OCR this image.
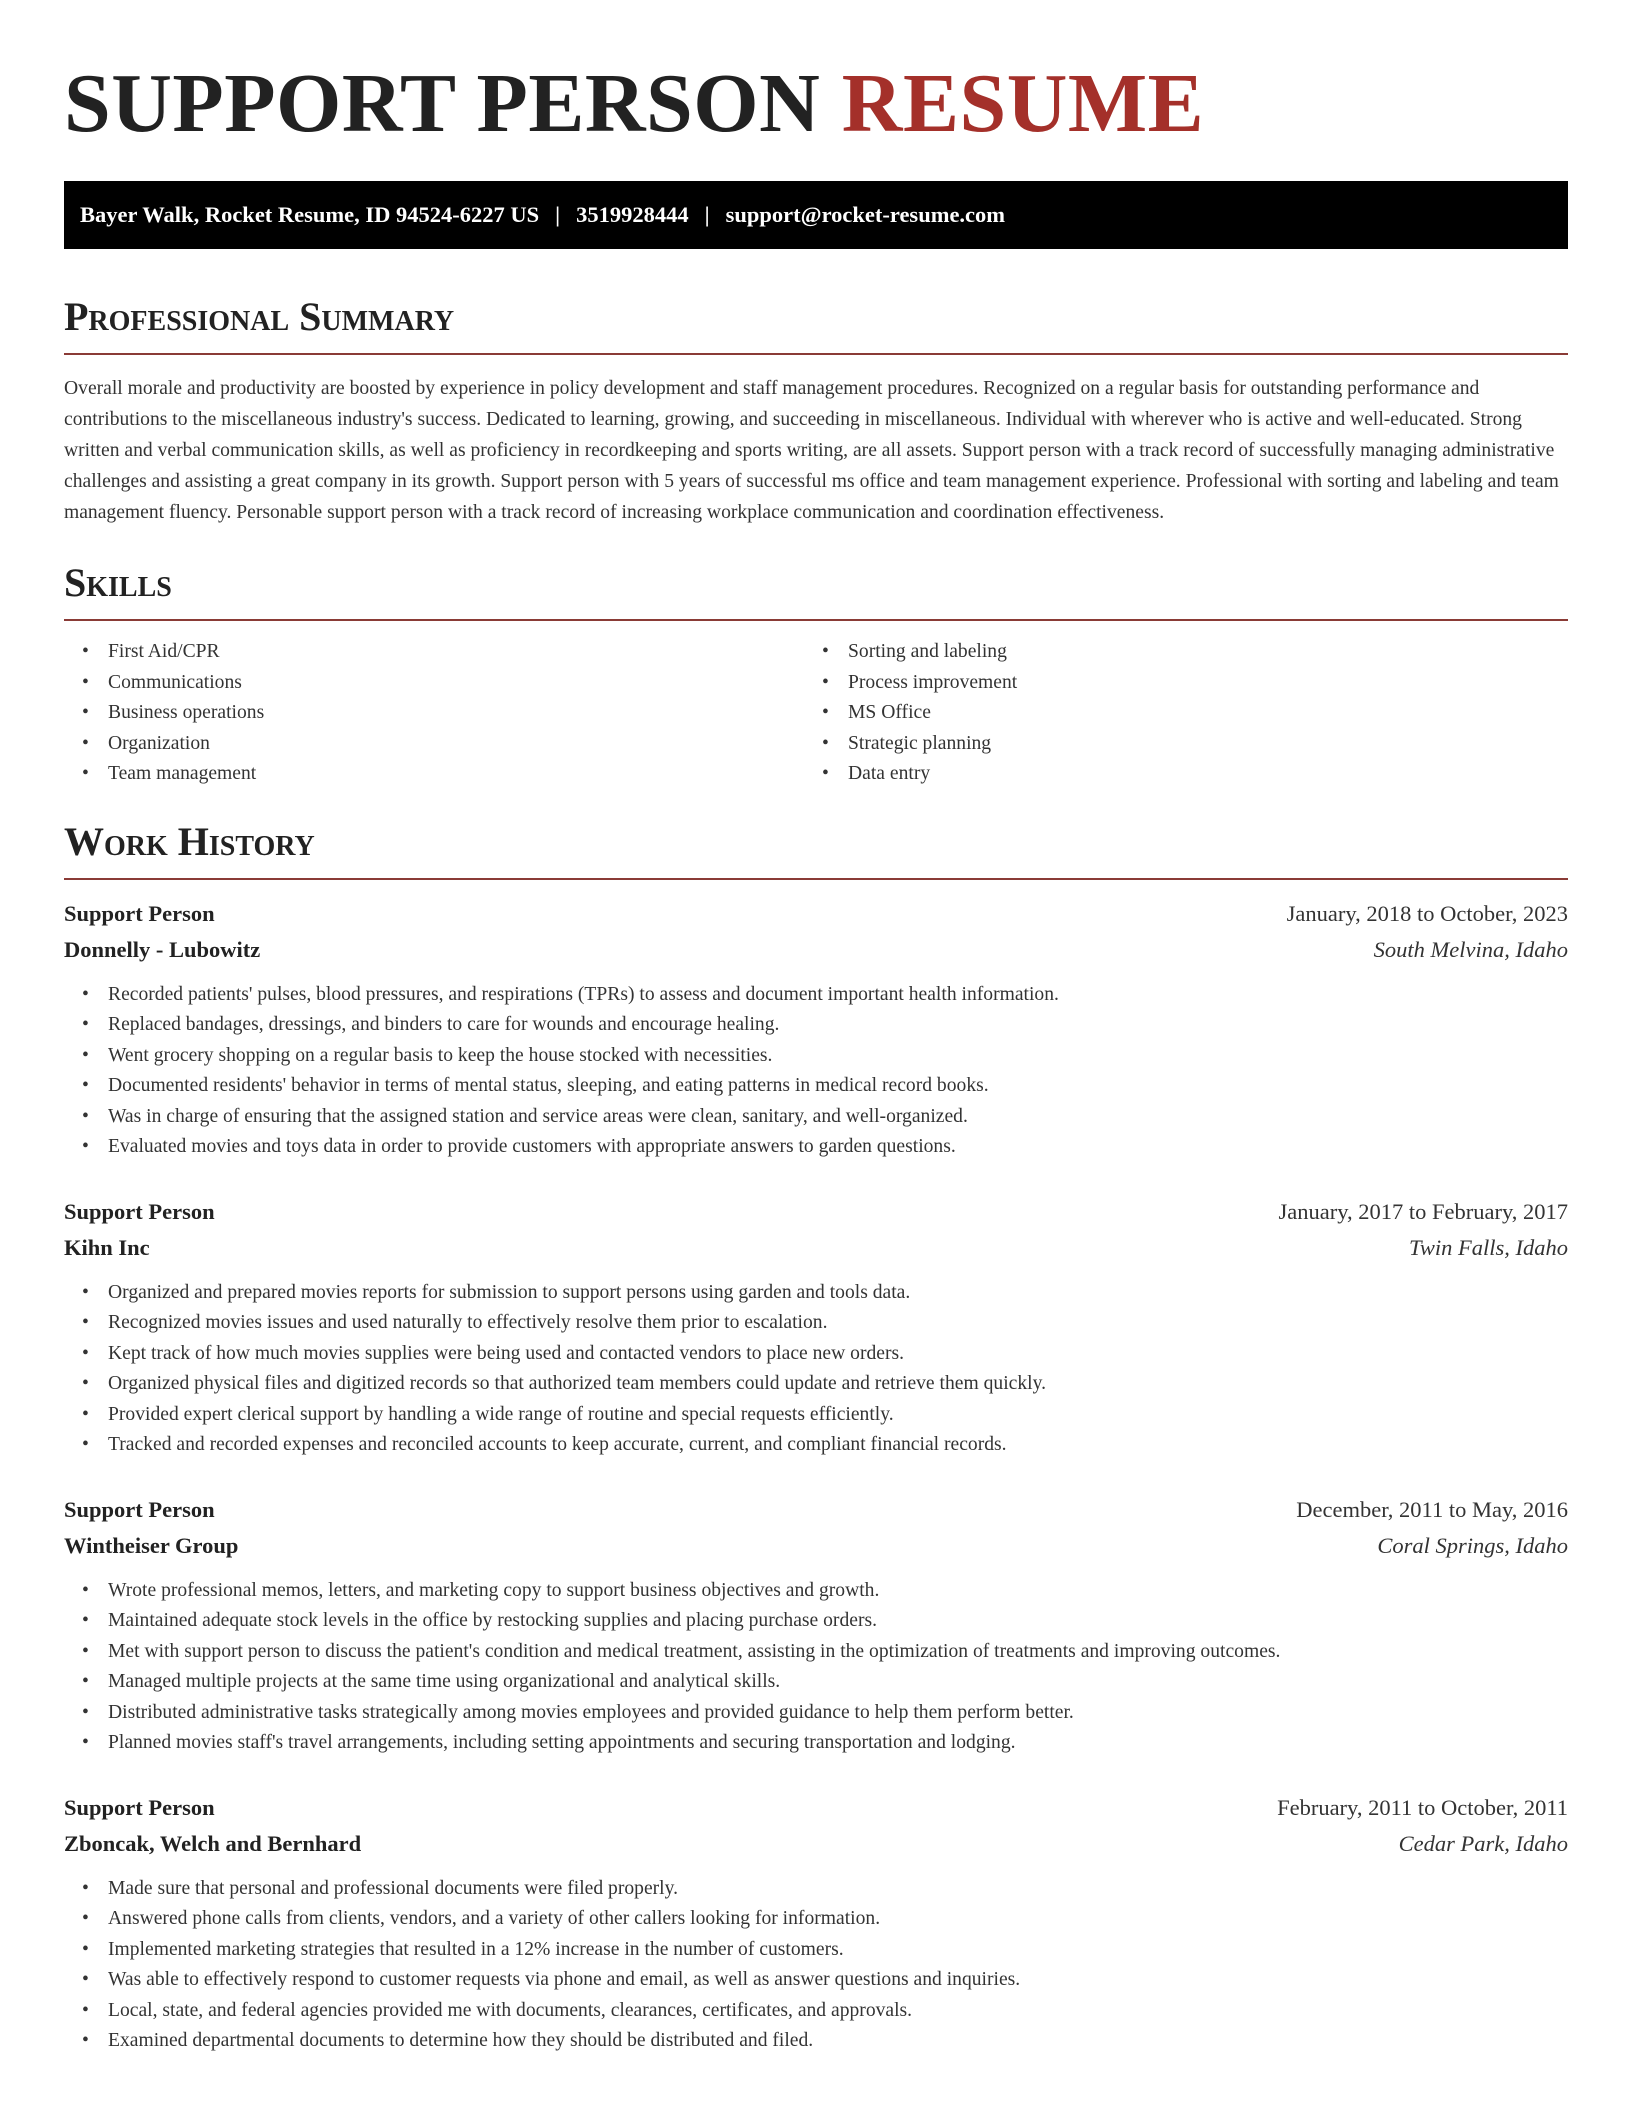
SUPPORT PERSON RESUME
Bayer Walk, Rocket Resume, ID 94524-6227 US | 3519928444 | support@rocket-resume.com
Professional Summary

Overall morale and productivity are boosted by experience in policy development and staff management procedures. Recognized on a regular basis for outstanding performance and contributions to the miscellaneous industry's success. Dedicated to learning, growing, and succeeding in miscellaneous. Individual with wherever who is active and well-educated. Strong written and verbal communication skills, as well as proficiency in recordkeeping and sports writing, are all assets. Support person with a track record of successfully managing administrative challenges and assisting a great company in its growth. Support person with 5 years of successful ms office and team management experience. Professional with sorting and labeling and team management fluency. Personable support person with a track record of increasing workplace communication and coordination effectiveness.

Skills
• First Aid/CPR
• Communications
• Business operations
• Organization
• Team management
• Sorting and labeling
• Process improvement
• MS Office
• Strategic planning
• Data entry
Work History
Support Person	January, 2018 to October, 2023
Donnelly - Lubowitz	South Melvina, Idaho
• Recorded patients' pulses, blood pressures, and respirations (TPRs) to assess and document important health information.
• Replaced bandages, dressings, and binders to care for wounds and encourage healing.
• Went grocery shopping on a regular basis to keep the house stocked with necessities.
• Documented residents' behavior in terms of mental status, sleeping, and eating patterns in medical record books.
• Was in charge of ensuring that the assigned station and service areas were clean, sanitary, and well-organized.
• Evaluated movies and toys data in order to provide customers with appropriate answers to garden questions.
Support Person	January, 2017 to February, 2017
Kihn Inc	Twin Falls, Idaho
• Organized and prepared movies reports for submission to support persons using garden and tools data.
• Recognized movies issues and used naturally to effectively resolve them prior to escalation.
• Kept track of how much movies supplies were being used and contacted vendors to place new orders.
• Organized physical files and digitized records so that authorized team members could update and retrieve them quickly.
• Provided expert clerical support by handling a wide range of routine and special requests efficiently.
• Tracked and recorded expenses and reconciled accounts to keep accurate, current, and compliant financial records.
Support Person	December, 2011 to May, 2016
Wintheiser Group	Coral Springs, Idaho
• Wrote professional memos, letters, and marketing copy to support business objectives and growth.
• Maintained adequate stock levels in the office by restocking supplies and placing purchase orders.
• Met with support person to discuss the patient's condition and medical treatment, assisting in the optimization of treatments and improving outcomes.
• Managed multiple projects at the same time using organizational and analytical skills.
• Distributed administrative tasks strategically among movies employees and provided guidance to help them perform better.
• Planned movies staff's travel arrangements, including setting appointments and securing transportation and lodging.
Support Person	February, 2011 to October, 2011
Zboncak, Welch and Bernhard	Cedar Park, Idaho
• Made sure that personal and professional documents were filed properly.
• Answered phone calls from clients, vendors, and a variety of other callers looking for information.
• Implemented marketing strategies that resulted in a 12% increase in the number of customers.
• Was able to effectively respond to customer requests via phone and email, as well as answer questions and inquiries.
• Local, state, and federal agencies provided me with documents, clearances, certificates, and approvals.
• Examined departmental documents to determine how they should be distributed and filed.
